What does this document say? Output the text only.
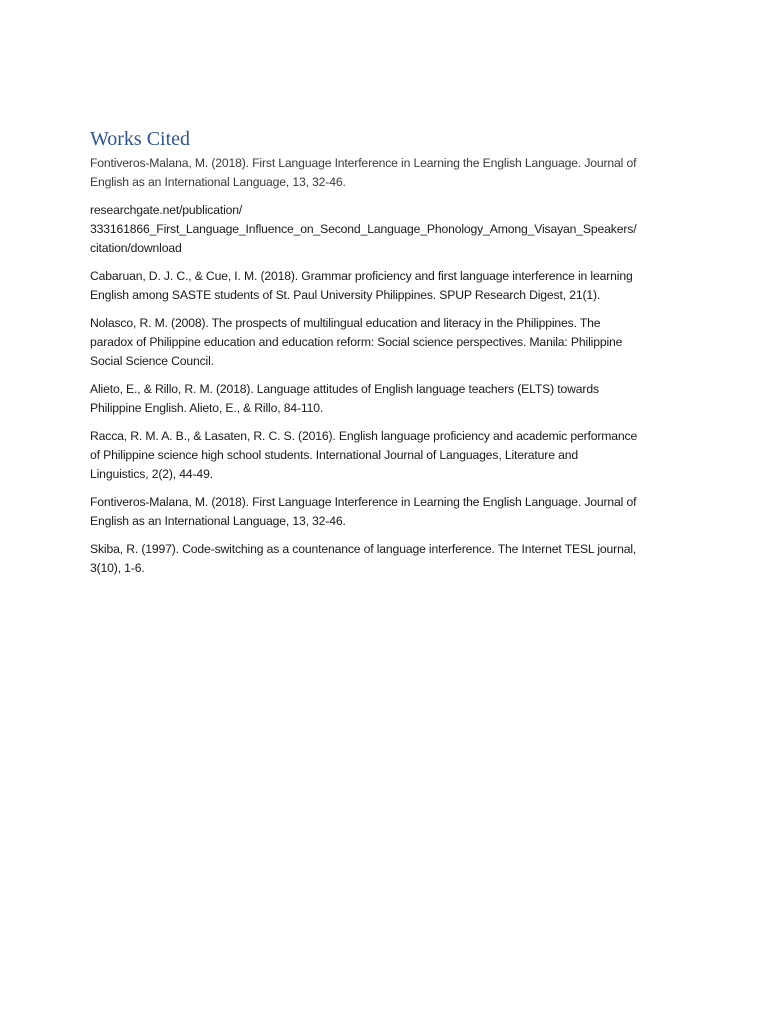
Works Cited

Fontiveros-Malana, M. (2018). First Language Interference in Learning the English Language. Journal of
English as an International Language, 13, 32-46.

researchgate.net/publication/
333161866_First_Language_Influence_on_Second_Language_Phonology_Among_Visayan_Speakers/
citation/download

Cabaruan, D. J. C., & Cue, I. M. (2018). Grammar proficiency and first language interference in learning
English among SASTE students of St. Paul University Philippines. SPUP Research Digest, 21(1).

Nolasco, R. M. (2008). The prospects of multilingual education and literacy in the Philippines. The
paradox of Philippine education and education reform: Social science perspectives. Manila: Philippine
Social Science Council.

Alieto, E., & Rillo, R. M. (2018). Language attitudes of English language teachers (ELTS) towards
Philippine English. Alieto, E., & Rillo, 84-110.

Racca, R. M. A. B., & Lasaten, R. C. S. (2016). English language proficiency and academic performance
of Philippine science high school students. International Journal of Languages, Literature and
Linguistics, 2(2), 44-49.

Fontiveros-Malana, M. (2018). First Language Interference in Learning the English Language. Journal of
English as an International Language, 13, 32-46.

Skiba, R. (1997). Code-switching as a countenance of language interference. The Internet TESL journal,
3(10), 1-6.
